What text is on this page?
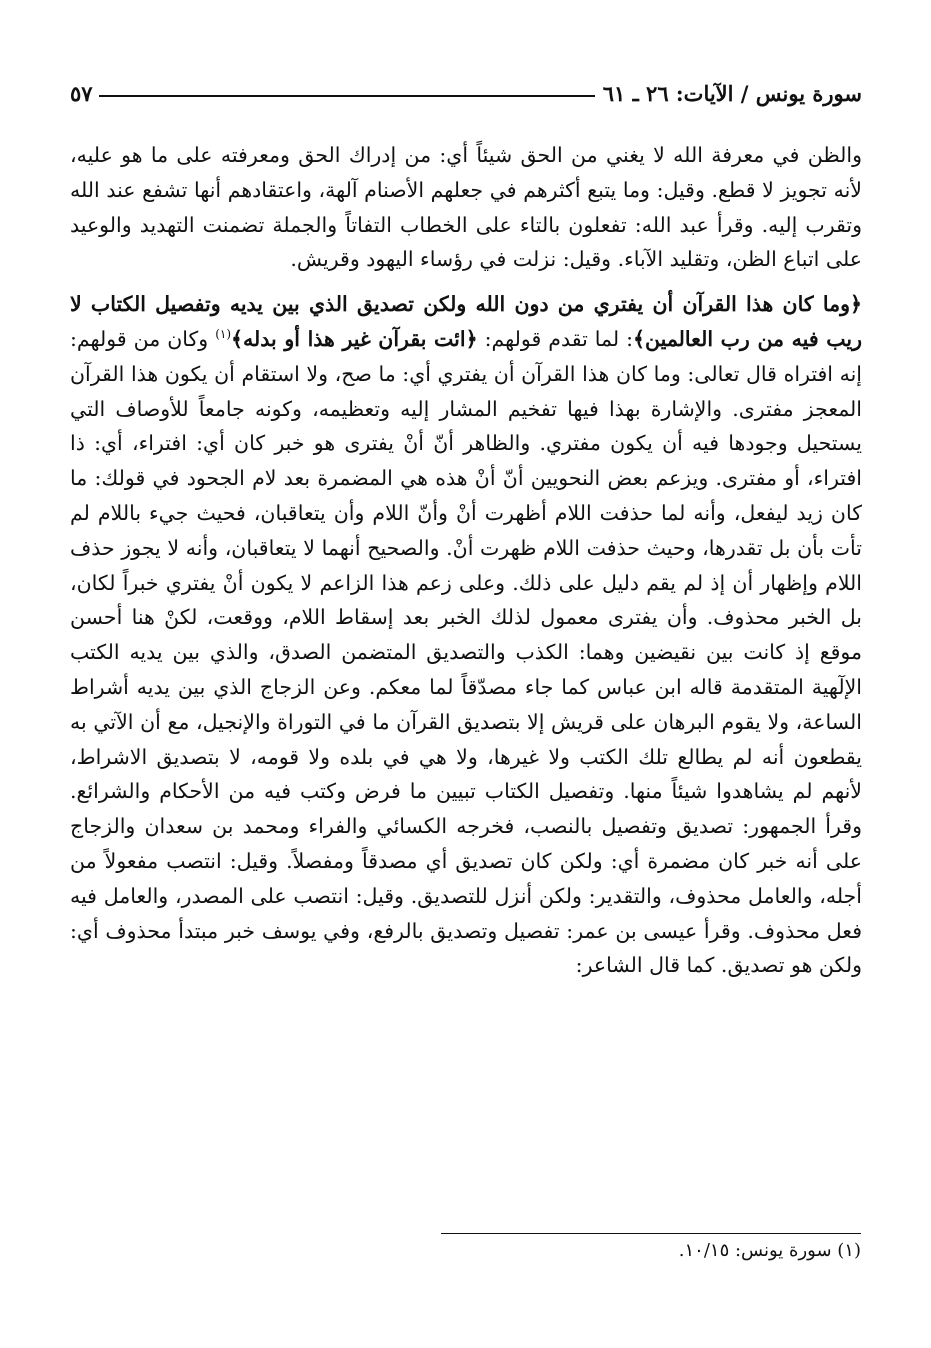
سورة يونس / الآيات: ٢٦ ـ ٦١
٥٧

والظن في معرفة الله لا يغني من الحق شيئاً أي: من إدراك الحق ومعرفته على ما هو عليه، لأنه تجويز لا قطع. وقيل: وما يتبع أكثرهم في جعلهم الأصنام آلهة، واعتقادهم أنها تشفع عند الله وتقرب إليه. وقرأ عبد الله: تفعلون بالتاء على الخطاب التفاتاً والجملة تضمنت التهديد والوعيد على اتباع الظن، وتقليد الآباء. وقيل: نزلت في رؤساء اليهود وقريش.

﴿وما كان هذا القرآن أن يفتري من دون الله ولكن تصديق الذي بين يديه وتفصيل الكتاب لا ريب فيه من رب العالمين﴾: لما تقدم قولهم: ﴿ائت بقرآن غير هذا أو بدله﴾$^{(١)}$ وكان من قولهم: إنه افتراه قال تعالى: وما كان هذا القرآن أن يفتري أي: ما صح، ولا استقام أن يكون هذا القرآن المعجز مفترى. والإشارة بهذا فيها تفخيم المشار إليه وتعظيمه، وكونه جامعاً للأوصاف التي يستحيل وجودها فيه أن يكون مفتري. والظاهر أنّ أنْ يفترى هو خبر كان أي: افتراء، أي: ذا افتراء، أو مفترى. ويزعم بعض النحويين أنّ أنْ هذه هي المضمرة بعد لام الجحود في قولك: ما كان زيد ليفعل، وأنه لما حذفت اللام أظهرت أنْ وأنّ اللام وأن يتعاقبان، فحيث جيء باللام لم تأت بأن بل تقدرها، وحيث حذفت اللام ظهرت أنْ. والصحيح أنهما لا يتعاقبان، وأنه لا يجوز حذف اللام وإظهار أن إذ لم يقم دليل على ذلك. وعلى زعم هذا الزاعم لا يكون أنْ يفتري خبراً لكان، بل الخبر محذوف. وأن يفترى معمول لذلك الخبر بعد إسقاط اللام، ووقعت، لكنْ هنا أحسن موقع إذ كانت بين نقيضين وهما: الكذب والتصديق المتضمن الصدق، والذي بين يديه الكتب الإلٓهية المتقدمة قاله ابن عباس كما جاء مصدّقاً لما معكم. وعن الزجاج الذي بين يديه أشراط الساعة، ولا يقوم البرهان على قريش إلا بتصديق القرآن ما في التوراة والإنجيل، مع أن الآتي به يقطعون أنه لم يطالع تلك الكتب ولا غيرها، ولا هي في بلده ولا قومه، لا بتصديق الاشراط، لأنهم لم يشاهدوا شيئاً منها. وتفصيل الكتاب تبيين ما فرض وكتب فيه من الأحكام والشرائع. وقرأ الجمهور: تصديق وتفصيل بالنصب، فخرجه الكسائي والفراء ومحمد بن سعدان والزجاج على أنه خبر كان مضمرة أي: ولكن كان تصديق أي مصدقاً ومفصلاً. وقيل: انتصب مفعولاً من أجله، والعامل محذوف، والتقدير: ولكن أنزل للتصديق. وقيل: انتصب على المصدر، والعامل فيه فعل محذوف. وقرأ عيسى بن عمر: تفصيل وتصديق بالرفع، وفي يوسف خبر مبتدأ محذوف أي: ولكن هو تصديق. كما قال الشاعر:

(١) سورة يونس: ١٠/١٥.
